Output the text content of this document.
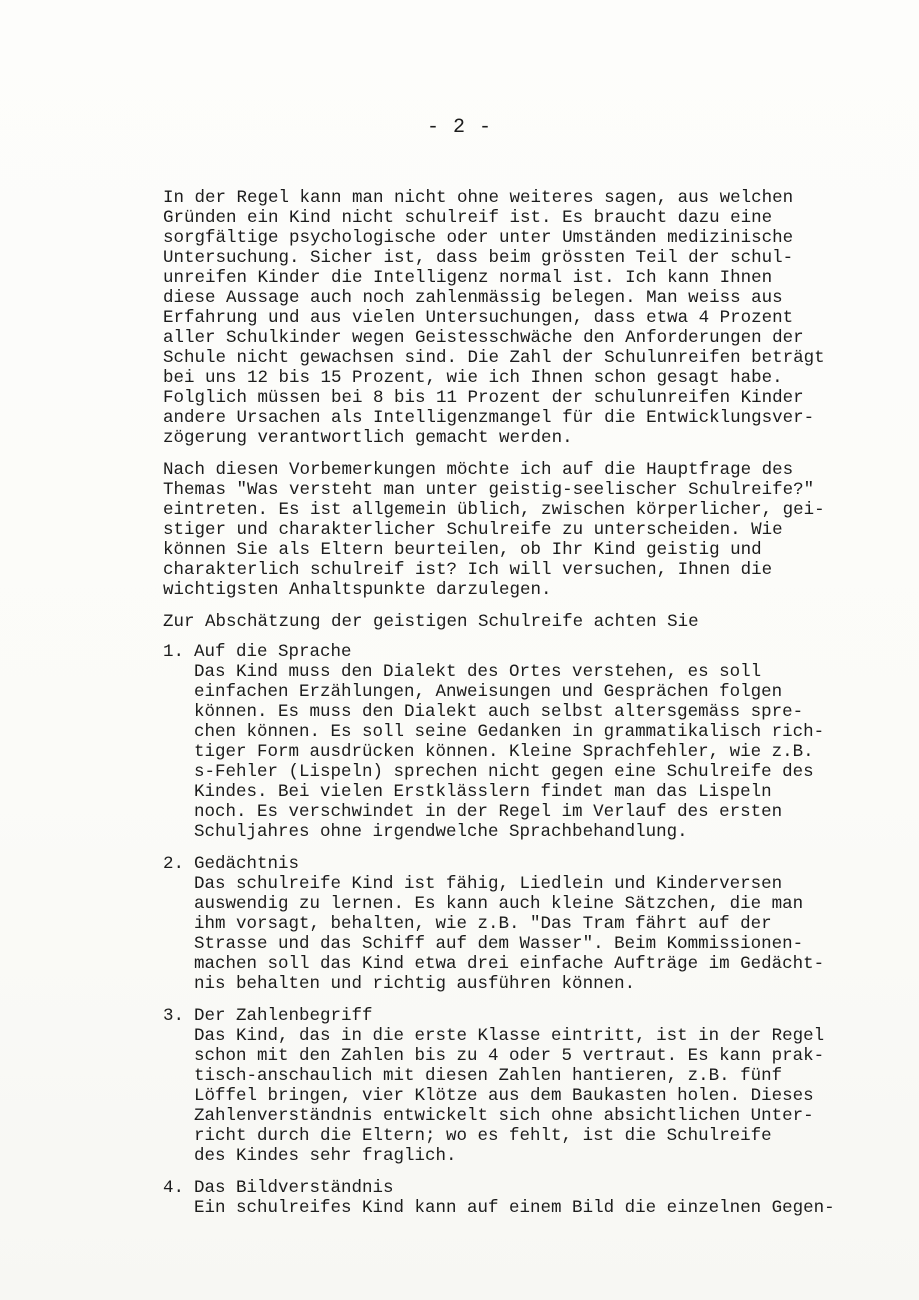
- 2 -
In der Regel kann man nicht ohne weiteres sagen, aus welchen
Gründen ein Kind nicht schulreif ist. Es braucht dazu eine
sorgfältige psychologische oder unter Umständen medizinische
Untersuchung. Sicher ist, dass beim grössten Teil der schul-
unreifen Kinder die Intelligenz normal ist. Ich kann Ihnen
diese Aussage auch noch zahlenmässig belegen. Man weiss aus
Erfahrung und aus vielen Untersuchungen, dass etwa 4 Prozent
aller Schulkinder wegen Geistesschwäche den Anforderungen der
Schule nicht gewachsen sind. Die Zahl der Schulunreifen beträgt
bei uns 12 bis 15 Prozent, wie ich Ihnen schon gesagt habe.
Folglich müssen bei 8 bis 11 Prozent der schulunreifen Kinder
andere Ursachen als Intelligenzmangel für die Entwicklungsver-
zögerung verantwortlich gemacht werden.
Nach diesen Vorbemerkungen möchte ich auf die Hauptfrage des
Themas "Was versteht man unter geistig-seelischer Schulreife?"
eintreten. Es ist allgemein üblich, zwischen körperlicher, gei-
stiger und charakterlicher Schulreife zu unterscheiden. Wie
können Sie als Eltern beurteilen, ob Ihr Kind geistig und
charakterlich schulreif ist? Ich will versuchen, Ihnen die
wichtigsten Anhaltspunkte darzulegen.
Zur Abschätzung der geistigen Schulreife achten Sie
1. Auf die Sprache
Das Kind muss den Dialekt des Ortes verstehen, es soll
einfachen Erzählungen, Anweisungen und Gesprächen folgen
können. Es muss den Dialekt auch selbst altersgemäss spre-
chen können. Es soll seine Gedanken in grammatikalisch rich-
tiger Form ausdrücken können. Kleine Sprachfehler, wie z.B.
s-Fehler (Lispeln) sprechen nicht gegen eine Schulreife des
Kindes. Bei vielen Erstklässlern findet man das Lispeln
noch. Es verschwindet in der Regel im Verlauf des ersten
Schuljahres ohne irgendwelche Sprachbehandlung.
2. Gedächtnis
Das schulreife Kind ist fähig, Liedlein und Kinderversen
auswendig zu lernen. Es kann auch kleine Sätzchen, die man
ihm vorsagt, behalten, wie z.B. "Das Tram fährt auf der
Strasse und das Schiff auf dem Wasser". Beim Kommissionen-
machen soll das Kind etwa drei einfache Aufträge im Gedächt-
nis behalten und richtig ausführen können.
3. Der Zahlenbegriff
Das Kind, das in die erste Klasse eintritt, ist in der Regel
schon mit den Zahlen bis zu 4 oder 5 vertraut. Es kann prak-
tisch-anschaulich mit diesen Zahlen hantieren, z.B. fünf
Löffel bringen, vier Klötze aus dem Baukasten holen. Dieses
Zahlenverständnis entwickelt sich ohne absichtlichen Unter-
richt durch die Eltern; wo es fehlt, ist die Schulreife
des Kindes sehr fraglich.
4. Das Bildverständnis
Ein schulreifes Kind kann auf einem Bild die einzelnen Gegen-
